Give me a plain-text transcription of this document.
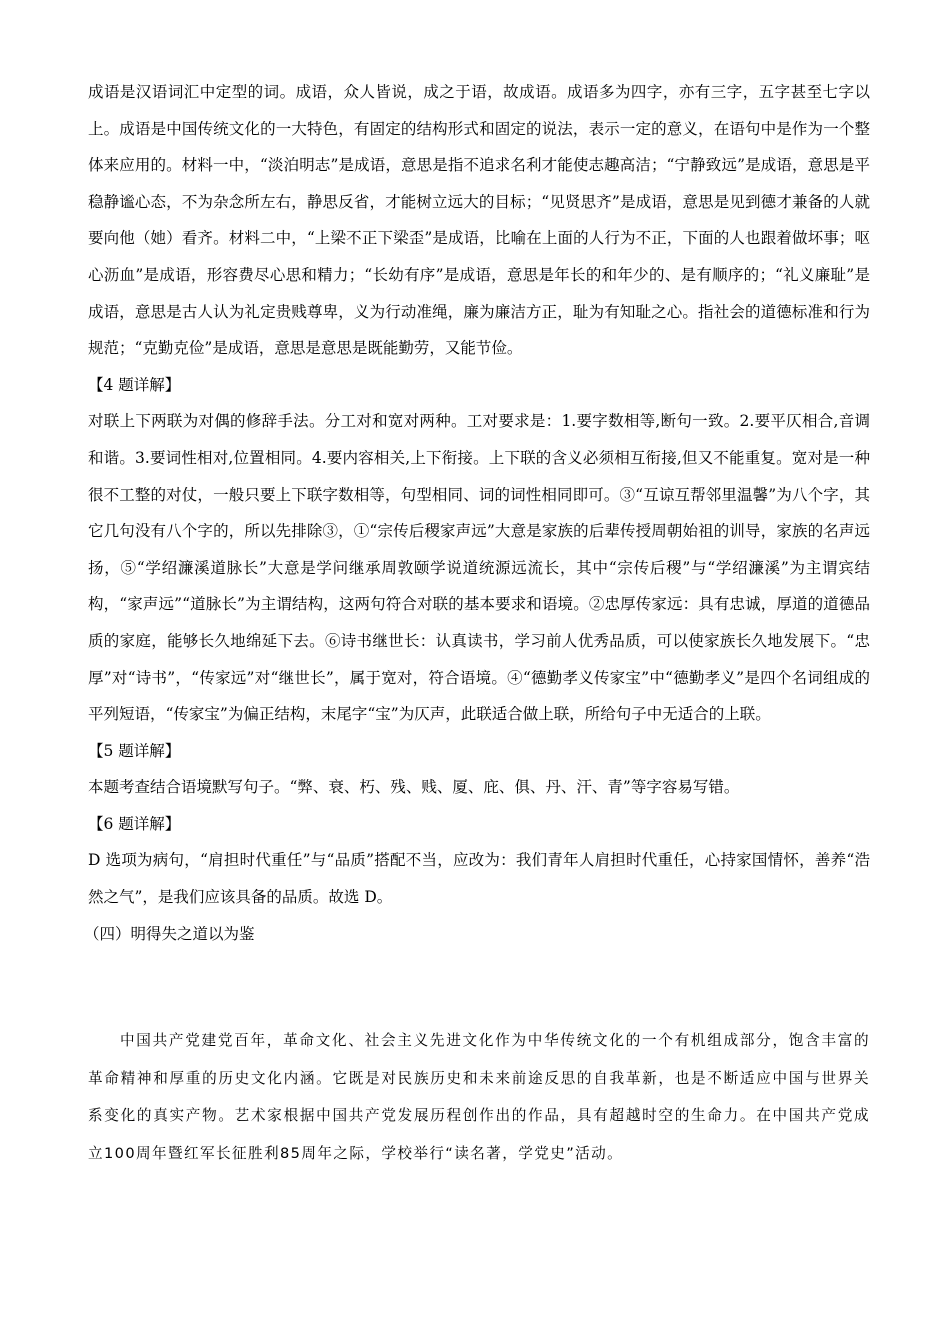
成语是汉语词汇中定型的词。成语，众人皆说，成之于语，故成语。成语多为四字，亦有三字，五字甚至七字以上。成语是中国传统文化的一大特色，有固定的结构形式和固定的说法，表示一定的意义，在语句中是作为一个整体来应用的。材料一中，“淡泊明志”是成语，意思是指不追求名利才能使志趣高洁；“宁静致远”是成语，意思是平稳静谧心态，不为杂念所左右，静思反省，才能树立远大的目标；“见贤思齐”是成语，意思是见到德才兼备的人就要向他（她）看齐。材料二中，“上梁不正下梁歪”是成语，比喻在上面的人行为不正，下面的人也跟着做坏事；呕心沥血”是成语，形容费尽心思和精力；“长幼有序”是成语，意思是年长的和年少的、是有顺序的；“礼义廉耻”是成语，意思是古人认为礼定贵贱尊卑，义为行动准绳，廉为廉洁方正，耻为有知耻之心。指社会的道德标准和行为规范；“克勤克俭”是成语，意思是意思是既能勤劳，又能节俭。

【4 题详解】

对联上下两联为对偶的修辞手法。分工对和宽对两种。工对要求是：1.要字数相等,断句一致。2.要平仄相合,音调和谐。3.要词性相对,位置相同。4.要内容相关,上下衔接。上下联的含义必须相互衔接,但又不能重复。宽对是一种很不工整的对仗，一般只要上下联字数相等，句型相同、词的词性相同即可。③“互谅互帮邻里温馨”为八个字，其它几句没有八个字的，所以先排除③，①“宗传后稷家声远”大意是家族的后辈传授周朝始祖的训导，家族的名声远扬，⑤“学绍濂溪道脉长”大意是学问继承周敦颐学说道统源远流长，其中“宗传后稷”与“学绍濂溪”为主谓宾结构，“家声远”“道脉长”为主谓结构，这两句符合对联的基本要求和语境。②忠厚传家远：具有忠诚，厚道的道德品质的家庭，能够长久地绵延下去。⑥诗书继世长：认真读书，学习前人优秀品质，可以使家族长久地发展下。“忠厚”对“诗书”，“传家远”对“继世长”，属于宽对，符合语境。④“德勤孝义传家宝”中“德勤孝义”是四个名词组成的平列短语，“传家宝”为偏正结构，末尾字“宝”为仄声，此联适合做上联，所给句子中无适合的上联。

【5 题详解】

本题考查结合语境默写句子。“弊、衰、朽、残、贱、厦、庇、俱、丹、汗、青”等字容易写错。

【6 题详解】

D 选项为病句，“肩担时代重任”与“品质”搭配不当，应改为：我们青年人肩担时代重任，心持家国情怀，善养“浩然之气”，是我们应该具备的品质。故选 D。

（四）明得失之道以为鉴

中国共产党建党百年，革命文化、社会主义先进文化作为中华传统文化的一个有机组成部分，饱含丰富的革命精神和厚重的历史文化内涵。它既是对民族历史和未来前途反思的自我革新，也是不断适应中国与世界关系变化的真实产物。艺术家根据中国共产党发展历程创作出的作品，具有超越时空的生命力。在中国共产党成立100周年暨红军长征胜利85周年之际，学校举行“读名著，学党史”活动。
